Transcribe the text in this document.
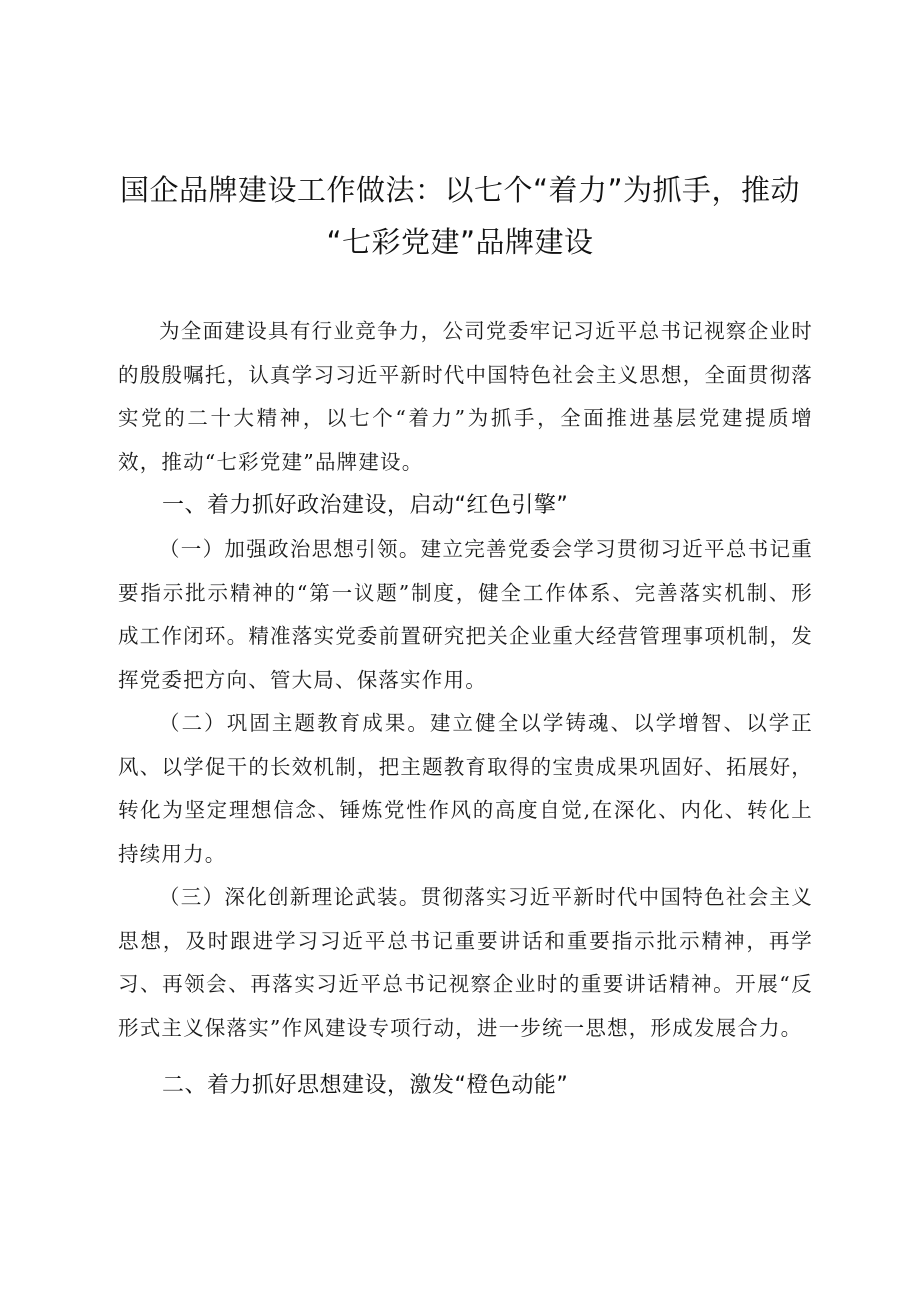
国企品牌建设工作做法：以七个“着力”为抓手，推动
“七彩党建”品牌建设

为全面建设具有行业竞争力，公司党委牢记习近平总书记视察企业时的殷殷嘱托，认真学习习近平新时代中国特色社会主义思想，全面贯彻落实党的二十大精神，以七个“着力”为抓手，全面推进基层党建提质增效，推动“七彩党建”品牌建设。

一、着力抓好政治建设，启动“红色引擎”

（一）加强政治思想引领。建立完善党委会学习贯彻习近平总书记重要指示批示精神的“第一议题”制度，健全工作体系、完善落实机制、形成工作闭环。精准落实党委前置研究把关企业重大经营管理事项机制，发挥党委把方向、管大局、保落实作用。

（二）巩固主题教育成果。建立健全以学铸魂、以学增智、以学正风、以学促干的长效机制，把主题教育取得的宝贵成果巩固好、拓展好，转化为坚定理想信念、锤炼党性作风的高度自觉,在深化、内化、转化上持续用力。

（三）深化创新理论武装。贯彻落实习近平新时代中国特色社会主义思想，及时跟进学习习近平总书记重要讲话和重要指示批示精神，再学习、再领会、再落实习近平总书记视察企业时的重要讲话精神。开展“反形式主义保落实”作风建设专项行动，进一步统一思想，形成发展合力。

二、着力抓好思想建设，激发“橙色动能”
